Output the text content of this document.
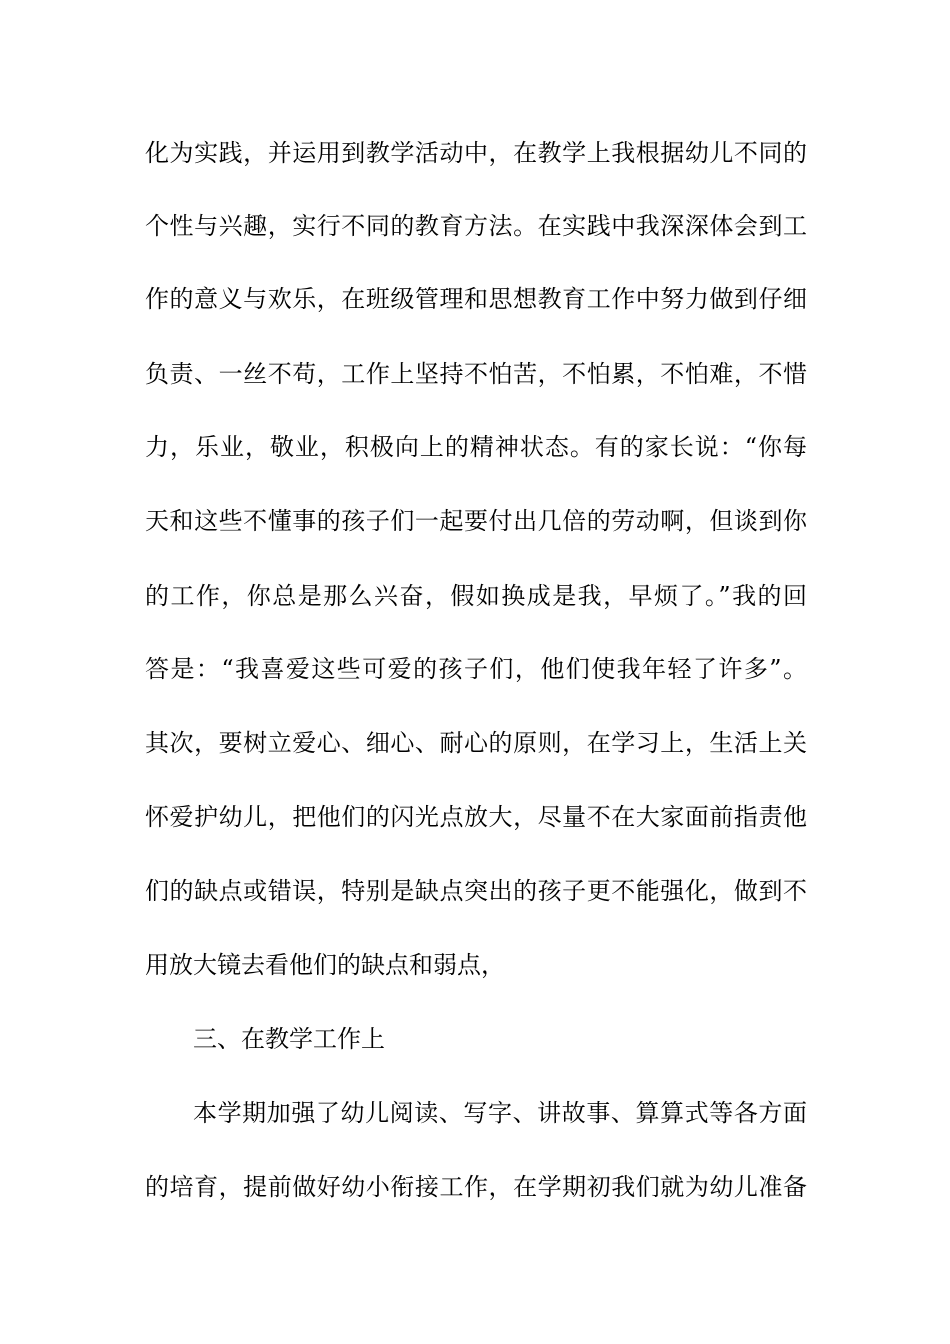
化为实践，并运用到教学活动中，在教学上我根据幼儿不同的
个性与兴趣，实行不同的教育方法。在实践中我深深体会到工
作的意义与欢乐，在班级管理和思想教育工作中努力做到仔细
负责、一丝不苟，工作上坚持不怕苦，不怕累，不怕难，不惜
力，乐业，敬业，积极向上的精神状态。有的家长说：“你每
天和这些不懂事的孩子们一起要付出几倍的劳动啊，但谈到你
的工作，你总是那么兴奋，假如换成是我，早烦了。”我的回
答是：“我喜爱这些可爱的孩子们，他们使我年轻了许多”。
其次，要树立爱心、细心、耐心的原则，在学习上，生活上关
怀爱护幼儿，把他们的闪光点放大，尽量不在大家面前指责他
们的缺点或错误，特别是缺点突出的孩子更不能强化，做到不
用放大镜去看他们的缺点和弱点，
三、在教学工作上
本学期加强了幼儿阅读、写字、讲故事、算算式等各方面
的培育，提前做好幼小衔接工作，在学期初我们就为幼儿准备
